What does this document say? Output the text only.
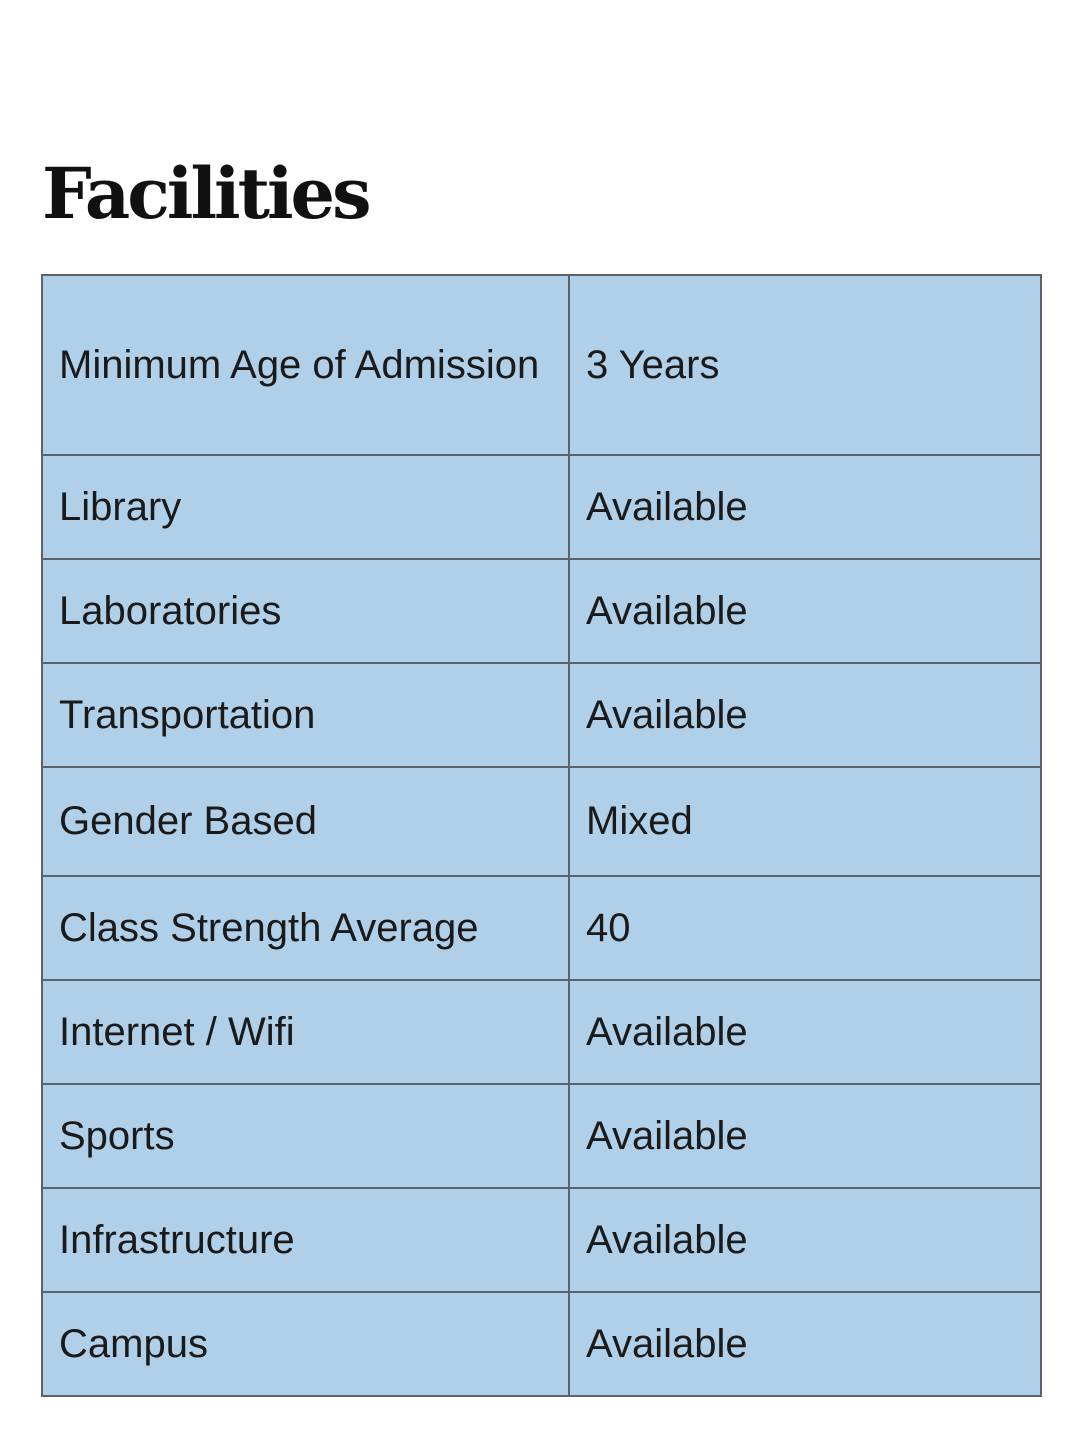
Facilities
Minimum Age of Admission	3 Years
Library	Available
Laboratories	Available
Transportation	Available
Gender Based	Mixed
Class Strength Average	40
Internet / Wifi	Available
Sports	Available
Infrastructure	Available
Campus	Available
